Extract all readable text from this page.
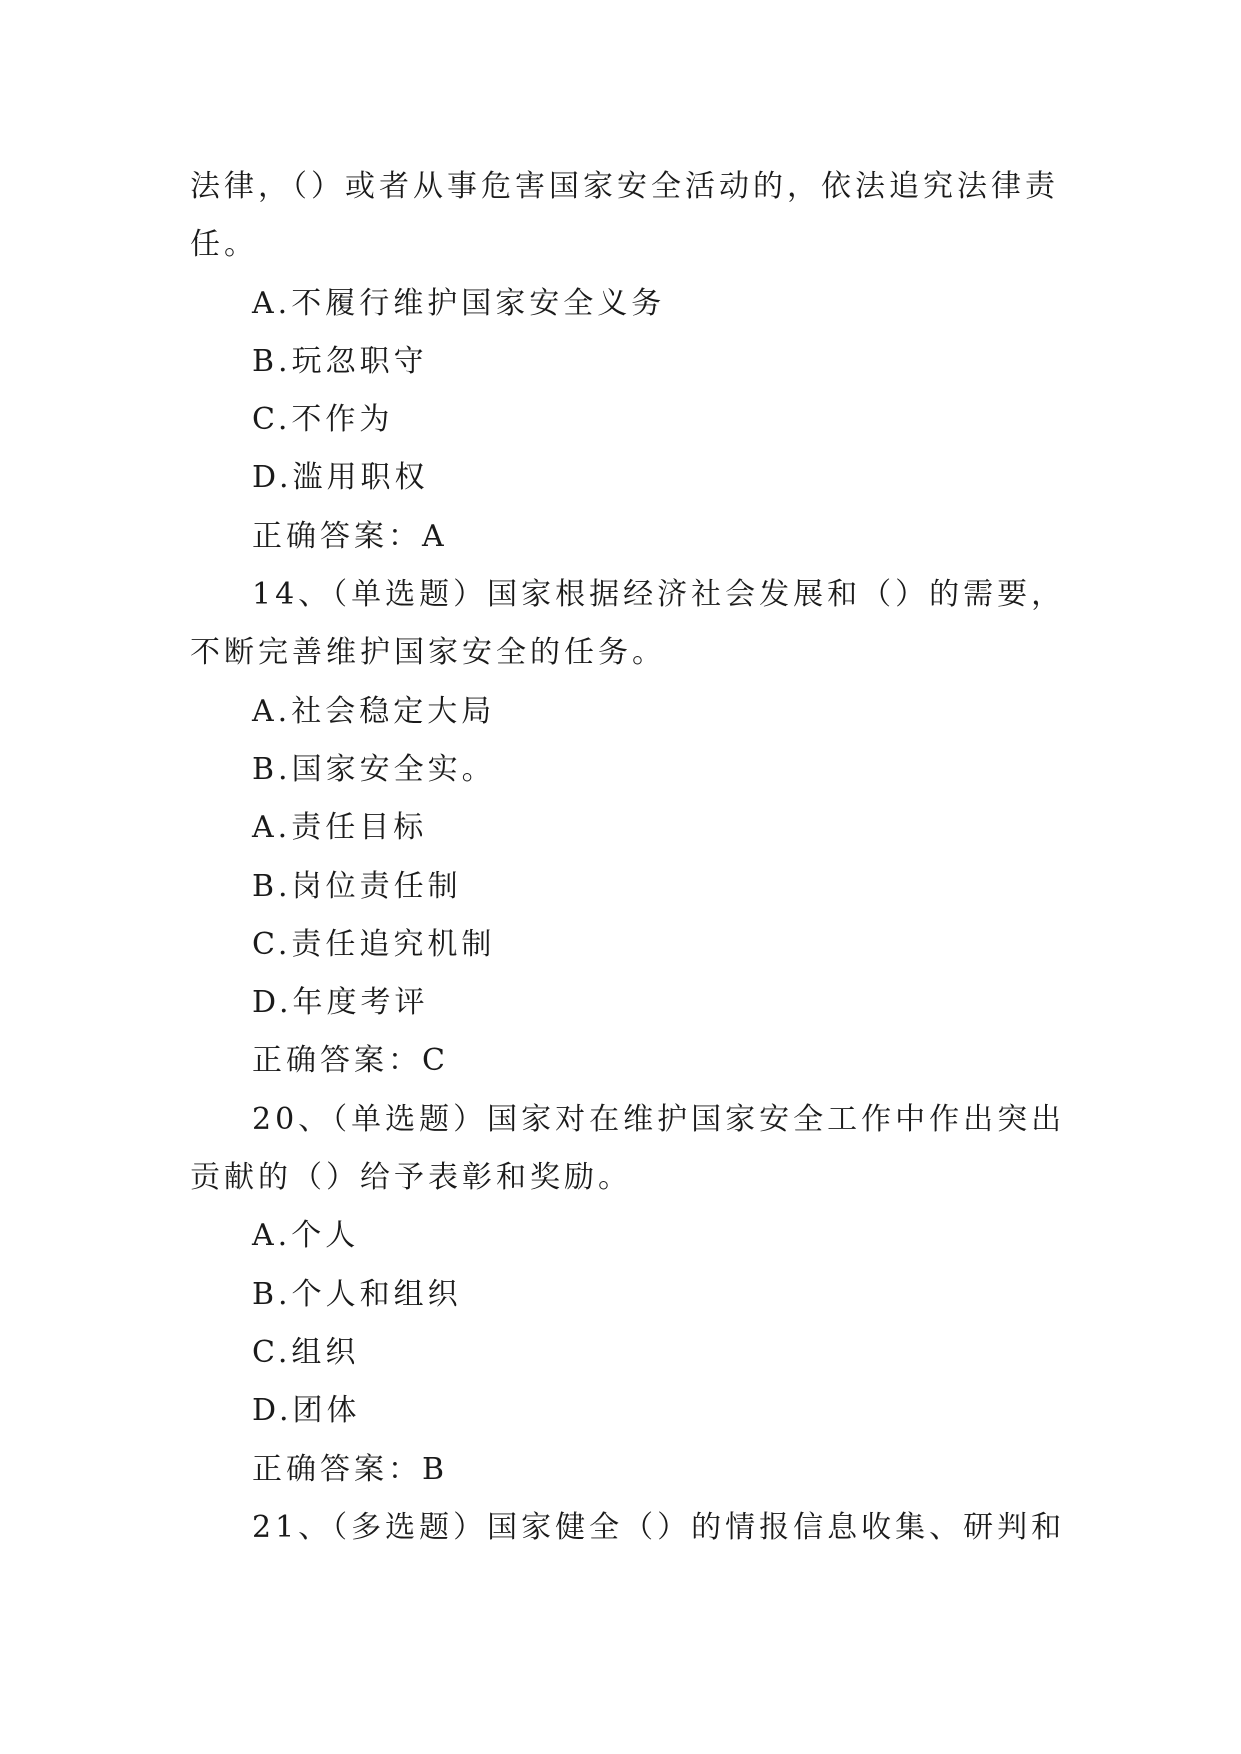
法律，（）或者从事危害国家安全活动的，依法追究法律责
任。
A.不履行维护国家安全义务
B.玩忽职守
C.不作为
D.滥用职权
正确答案：A
14、（单选题）国家根据经济社会发展和（）的需要，
不断完善维护国家安全的任务。
A.社会稳定大局
B.国家安全实。
A.责任目标
B.岗位责任制
C.责任追究机制
D.年度考评
正确答案：C
20、（单选题）国家对在维护国家安全工作中作出突出
贡献的（）给予表彰和奖励。
A.个人
B.个人和组织
C.组织
D.团体
正确答案：B
21、（多选题）国家健全（）的情报信息收集、研判和
